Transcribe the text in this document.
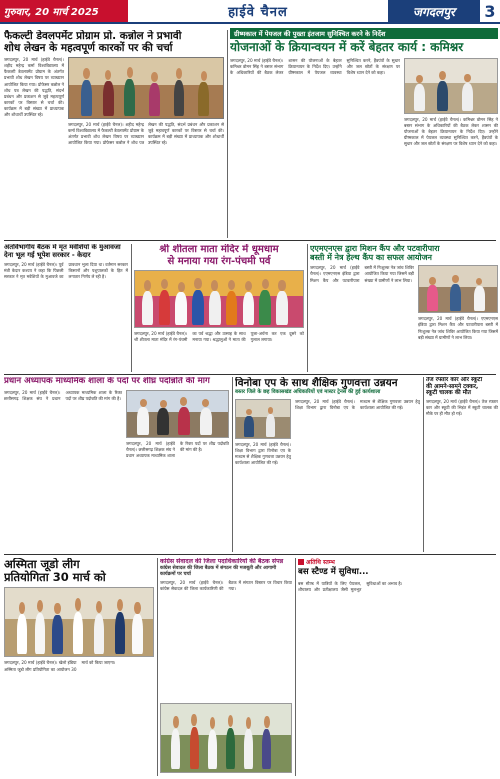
गुरुवार, 20 मार्च 2025	हाईवे चैनल	जगदलपुर	3
फैकल्टी डेवलपमेंट प्रोग्राम प्रो. कन्नोल ने प्रभावी
शोध लेखन के महत्वपूर्ण कारकों पर की चर्चा
जगदलपुर, 20 मार्च (हाईवे चैनल)। शहीद महेन्द्र कर्मा विश्वविद्यालय में फैकल्टी डेवलपमेंट प्रोग्राम के अंतर्गत प्रभावी शोध लेखन विषय पर व्याख्यान आयोजित किया गया। प्रोफेसर कन्नोल ने शोध पत्र लेखन की पद्धति, संदर्भ प्रबंधन और प्रकाशन से जुड़े महत्वपूर्ण कारकों पर विस्तार से चर्चा की। कार्यक्रम में बड़ी संख्या में प्राध्यापक और शोधार्थी उपस्थित रहे।
जगदलपुर, 20 मार्च (हाईवे चैनल)। शहीद महेन्द्र कर्मा विश्वविद्यालय में फैकल्टी डेवलपमेंट प्रोग्राम के अंतर्गत प्रभावी शोध लेखन विषय पर व्याख्यान आयोजित किया गया। प्रोफेसर कन्नोल ने शोध पत्र लेखन की पद्धति, संदर्भ प्रबंधन और प्रकाशन से जुड़े महत्वपूर्ण कारकों पर विस्तार से चर्चा की। कार्यक्रम में बड़ी संख्या में प्राध्यापक और शोधार्थी उपस्थित रहे।
ग्रीष्मकाल में पेयजल की पुख्ता इंतजाम सुनिश्चित करने के निर्देश
योजनाओं के क्रियान्वयन में करें बेहतर कार्य : कमिश्नर
जगदलपुर, 20 मार्च (हाईवे चैनल)। कमिश्नर डोमन सिंह ने बस्तर संभाग के अधिकारियों की बैठक लेकर शासन की योजनाओं के बेहतर क्रियान्वयन के निर्देश दिए। उन्होंने ग्रीष्मकाल में पेयजल व्यवस्था सुनिश्चित करने, हैंडपंपों के सुधार और जल स्रोतों के संरक्षण पर विशेष ध्यान देने को कहा।
जगदलपुर, 20 मार्च (हाईवे चैनल)। कमिश्नर डोमन सिंह ने बस्तर संभाग के अधिकारियों की बैठक लेकर शासन की योजनाओं के बेहतर क्रियान्वयन के निर्देश दिए। उन्होंने ग्रीष्मकाल में पेयजल व्यवस्था सुनिश्चित करने, हैंडपंपों के सुधार और जल स्रोतों के संरक्षण पर विशेष ध्यान देने को कहा।
अंतर्विभागीय बैठक में मृत मवेशियों के मुआवजा
देना भूल गई भूपेश सरकार - केदार
जगदलपुर, 20 मार्च (हाईवे चैनल)। पूर्व मंत्री केदार कश्यप ने कहा कि पिछली सरकार ने मृत मवेशियों के मुआवजे का प्रावधान भुला दिया था। वर्तमान सरकार किसानों और पशुपालकों के हित में लगातार निर्णय ले रही है।
श्री शीतला माता मंदिर में धूमधाम
से मनाया गया रंग-पंचमी पर्व
जगदलपुर, 20 मार्च (हाईवे चैनल)। श्री शीतला माता मंदिर में रंग-पंचमी का पर्व श्रद्धा और उत्साह के साथ मनाया गया। श्रद्धालुओं ने माता की पूजा-अर्चना कर एक दूसरे को गुलाल लगाया।
एएमएनएस द्वारा मिशन कैंप और पटवारीपारा
बस्ती में नेत्र हेल्थ कैंप का सफल आयोजन
जगदलपुर, 20 मार्च (हाईवे चैनल)। एएमएनएस इंडिया द्वारा मिशन कैंप और पटवारीपारा बस्ती में निःशुल्क नेत्र जांच शिविर आयोजित किया गया जिसमें बड़ी संख्या में ग्रामीणों ने लाभ लिया।
जगदलपुर, 20 मार्च (हाईवे चैनल)। एएमएनएस इंडिया द्वारा मिशन कैंप और पटवारीपारा बस्ती में निःशुल्क नेत्र जांच शिविर आयोजित किया गया जिसमें बड़ी संख्या में ग्रामीणों ने लाभ लिया।
प्रधान अध्यापक माध्यमिक शाला के पदों पर शीघ्र पदोन्नति की मांग
जगदलपुर, 20 मार्च (हाईवे चैनल)। छत्तीसगढ़ शिक्षक संघ ने प्रधान अध्यापक माध्यमिक शाला के रिक्त पदों पर शीघ्र पदोन्नति की मांग की है।
जगदलपुर, 20 मार्च (हाईवे चैनल)। छत्तीसगढ़ शिक्षक संघ ने प्रधान अध्यापक माध्यमिक शाला के रिक्त पदों पर शीघ्र पदोन्नति की मांग की है।
विनोबा एप के साथ शैक्षिक गुणवत्ता उन्नयन
बस्तर जिले के छह विकासखंड अधिकारियों एवं मास्टर ट्रेनर्स की हुई कार्यशाला
जगदलपुर, 20 मार्च (हाईवे चैनल)। शिक्षा विभाग द्वारा विनोबा एप के माध्यम से शैक्षिक गुणवत्ता उन्नयन हेतु कार्यशाला आयोजित की गई।
जगदलपुर, 20 मार्च (हाईवे चैनल)। शिक्षा विभाग द्वारा विनोबा एप के माध्यम से शैक्षिक गुणवत्ता उन्नयन हेतु कार्यशाला आयोजित की गई।
तेज रफ्तार कार और स्कूटी
की आमने-सामने टक्कर,
स्कूटी चालक की मौत
जगदलपुर, 20 मार्च (हाईवे चैनल)। तेज रफ्तार कार और स्कूटी की भिड़ंत में स्कूटी चालक की मौके पर ही मौत हो गई।
अस्मिता जूडो लीग
प्रतियोगिता 30 मार्च को
जगदलपुर, 20 मार्च (हाईवे चैनल)। खेलो इंडिया अस्मिता जूडो लीग प्रतियोगिता का आयोजन 30 मार्च को किया जाएगा।
कांग्रेस सेवादल की जिला पदाधिकारियों की बैठक संपन्न
कांग्रेस सेवादल की जिला बैठक में संगठन की मजबूती और आगामी कार्यक्रमों पर चर्चा
जगदलपुर, 20 मार्च (हाईवे चैनल)। कांग्रेस सेवादल की जिला कार्यकारिणी की बैठक में संगठन विस्तार पर विचार किया गया।
अतिथि स्तम्भ
बस स्टैण्ड में सुविधा...
बस स्टैण्ड में यात्रियों के लिए पेयजल, शौचालय और प्रतीक्षालय जैसी मूलभूत सुविधाओं का अभाव है।
